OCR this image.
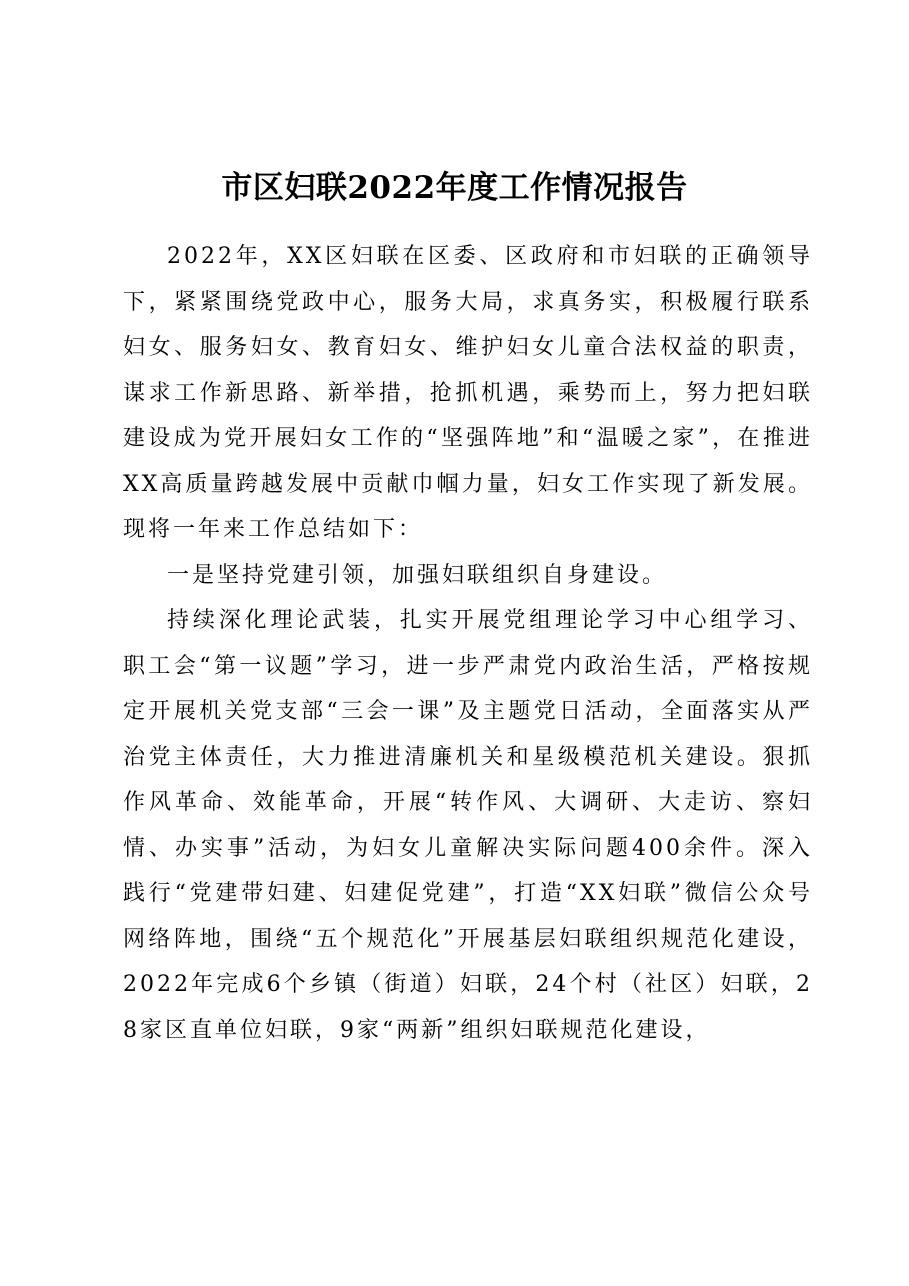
市区妇联2022年度工作情况报告

2022年，XX区妇联在区委、区政府和市妇联的正确领导下，紧紧围绕党政中心，服务大局，求真务实，积极履行联系妇女、服务妇女、教育妇女、维护妇女儿童合法权益的职责，谋求工作新思路、新举措，抢抓机遇，乘势而上，努力把妇联建设成为党开展妇女工作的“坚强阵地”和“温暖之家”，在推进XX高质量跨越发展中贡献巾帼力量，妇女工作实现了新发展。现将一年来工作总结如下：

一是坚持党建引领，加强妇联组织自身建设。

持续深化理论武装，扎实开展党组理论学习中心组学习、职工会“第一议题”学习，进一步严肃党内政治生活，严格按规定开展机关党支部“三会一课”及主题党日活动，全面落实从严治党主体责任，大力推进清廉机关和星级模范机关建设。狠抓作风革命、效能革命，开展“转作风、大调研、大走访、察妇情、办实事”活动，为妇女儿童解决实际问题400余件。深入践行“党建带妇建、妇建促党建”，打造“XX妇联”微信公众号网络阵地，围绕“五个规范化”开展基层妇联组织规范化建设，2022年完成6个乡镇（街道）妇联，24个村（社区）妇联，28家区直单位妇联，9家“两新”组织妇联规范化建设，
